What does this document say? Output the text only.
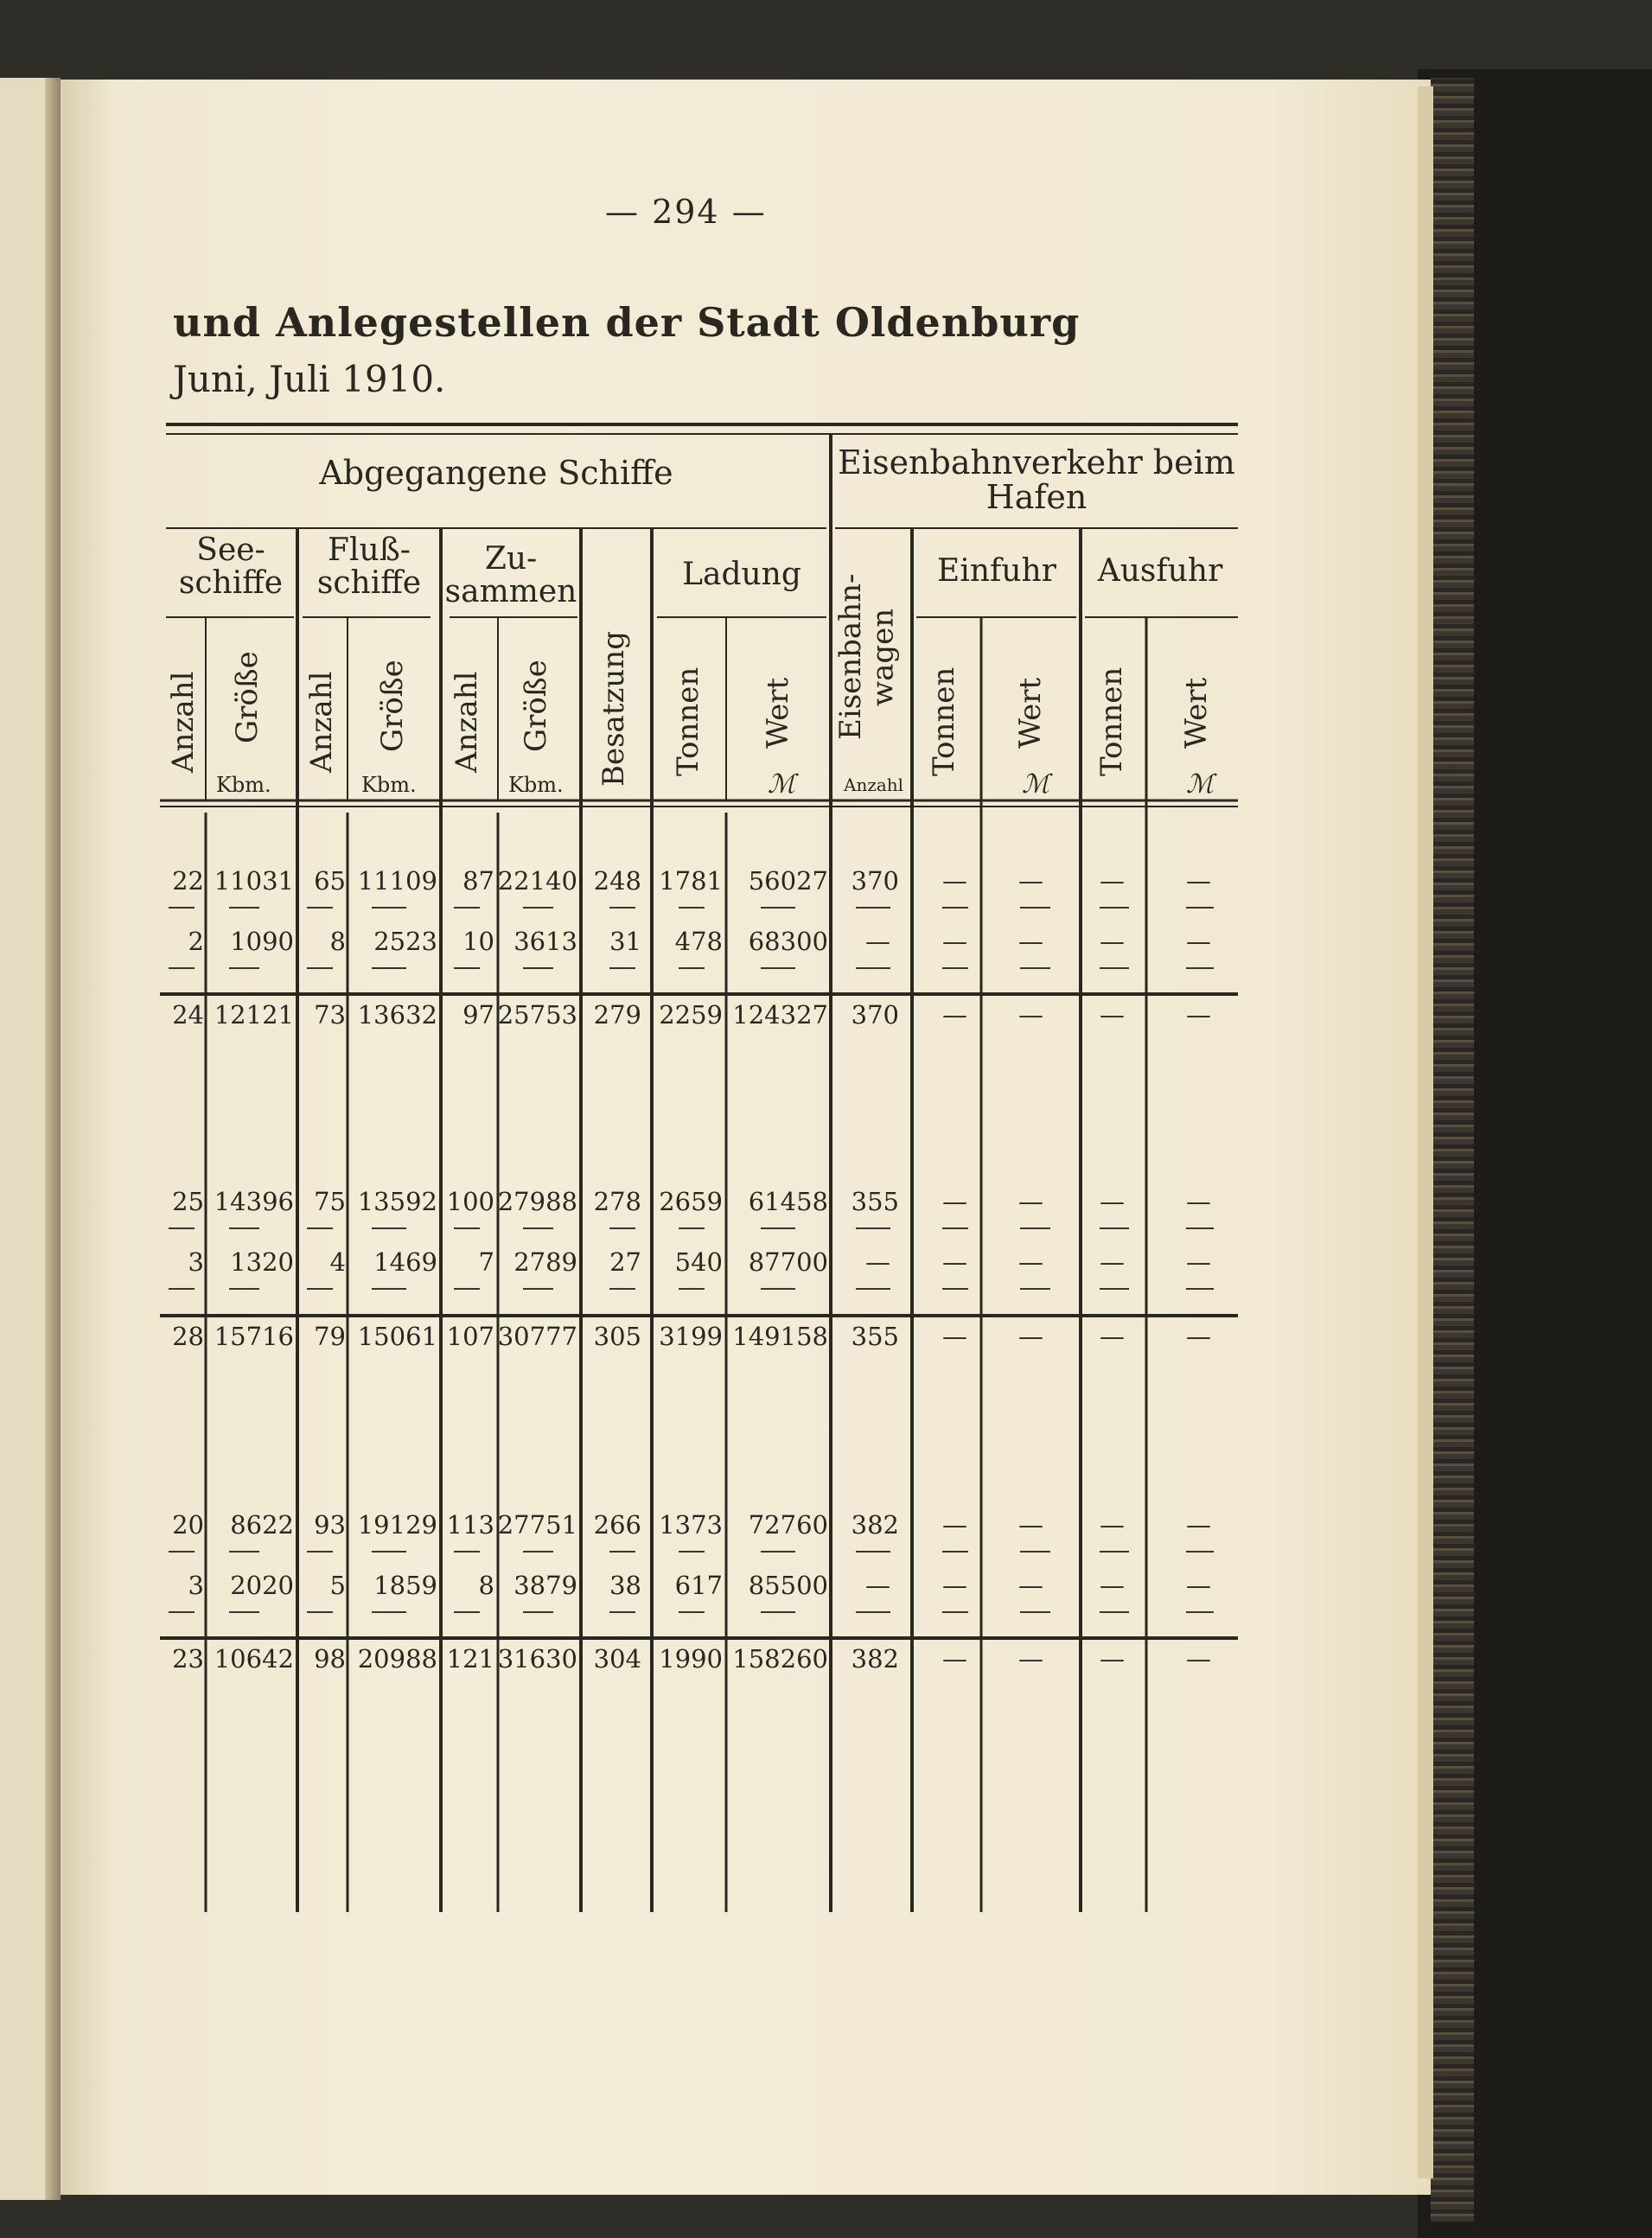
— 294 —
und Anlegestellen der Stadt Oldenburg
Juni, Juli 1910.
Abgegangene Schiffe	Eisenbahnverkehr beim Hafen
See-
schiffe
Fluß-
schiffe
Zu-
sammen	Ladung	Einfuhr	Ausfuhr
Anzahl Größe Anzahl Größe Anzahl Größe Besatzung Tonnen Wert Eisenbahn-
wagen
Tonnen Wert Tonnen Wert
Kbm.	Kbm.	Kbm.	ℳ	Anzahl	ℳ	ℳ
22 11031 65 11109 87 22140 248 1781 56027 370 — — — —
2 1090 8 2523 10 3613 31 478 68300 — — — — —
24 12121 73 13632 97 25753 279 2259 124327 370 — — — —
25 14396 75 13592 100 27988 278 2659 61458 355 — — — —
3 1320 4 1469 7 2789 27 540 87700 — — — — —
28 15716 79 15061 107 30777 305 3199 149158 355 — — — —
20 8622 93 19129 113 27751 266 1373 72760 382 — — — —
3 2020 5 1859 8 3879 38 617 85500 — — — — —
23 10642 98 20988 121 31630 304 1990 158260 382 — — — —
